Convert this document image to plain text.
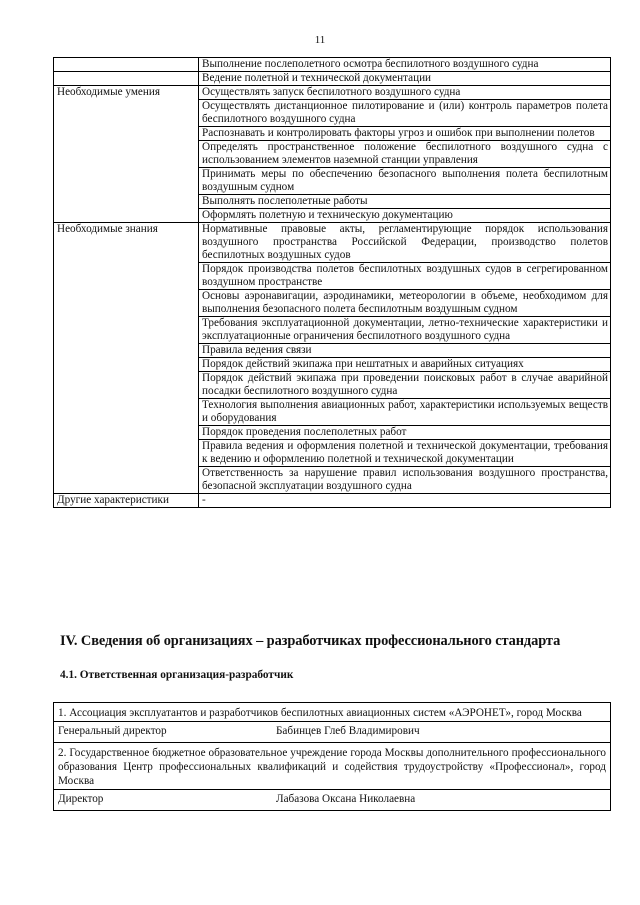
11
	Выполнение послеполетного осмотра беспилотного воздушного судна
	Ведение полетной и технической документации
Необходимые умения	Осуществлять запуск беспилотного воздушного судна
	Осуществлять дистанционное пилотирование и (или) контроль параметров полета беспилотного воздушного судна
	Распознавать и контролировать факторы угроз и ошибок при выполнении полетов
	Определять пространственное положение беспилотного воздушного судна с использованием элементов наземной станции управления
	Принимать меры по обеспечению безопасного выполнения полета беспилотным воздушным судном
	Выполнять послеполетные работы
	Оформлять полетную и техническую документацию
Необходимые знания	Нормативные правовые акты, регламентирующие порядок использования воздушного пространства Российской Федерации, производство полетов беспилотных воздушных судов
	Порядок производства полетов беспилотных воздушных судов в сегрегированном воздушном пространстве
	Основы аэронавигации, аэродинамики, метеорологии в объеме, необходимом для выполнения безопасного полета беспилотным воздушным судном
	Требования эксплуатационной документации, летно-технические характеристики и эксплуатационные ограничения беспилотного воздушного судна
	Правила ведения связи
	Порядок действий экипажа при нештатных и аварийных ситуациях
	Порядок действий экипажа при проведении поисковых работ в случае аварийной посадки беспилотного воздушного судна
	Технология выполнения авиационных работ, характеристики используемых веществ и оборудования
	Порядок проведения послеполетных работ
	Правила ведения и оформления полетной и технической документации, требования к ведению и оформлению полетной и технической документации
	Ответственность за нарушение правил использования воздушного пространства, безопасной эксплуатации воздушного судна
Другие характеристики	-
IV. Сведения об организациях – разработчиках профессионального стандарта
4.1. Ответственная организация-разработчик
1. Ассоциация эксплуатантов и разработчиков беспилотных авиационных систем «АЭРОНЕТ», город Москва
Генеральный директор	Бабинцев Глеб Владимирович
2. Государственное бюджетное образовательное учреждение города Москвы дополнительного профессионального образования Центр профессиональных квалификаций и содействия трудоустройству «Профессионал», город Москва
Директор	Лабазова Оксана Николаевна
